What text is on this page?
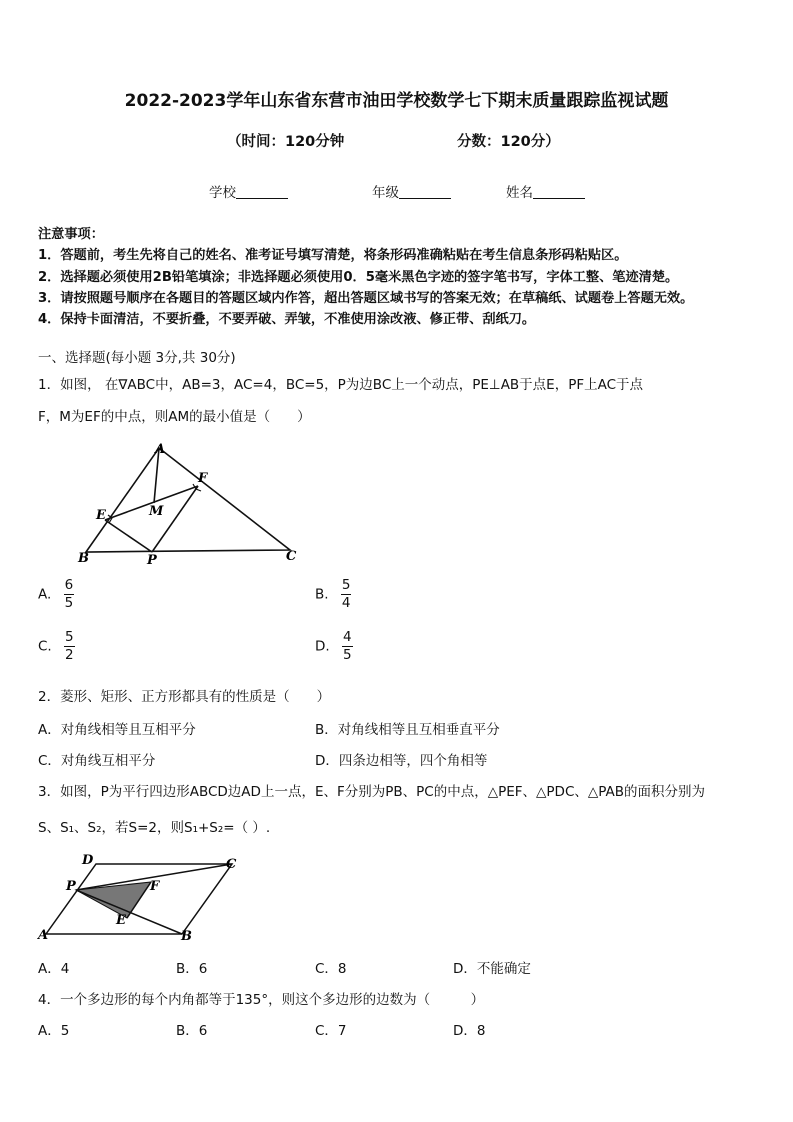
2022-2023学年山东省东营市油田学校数学七下期末质量跟踪监视试题
（时间：120分钟	分数：120分）
学校	年级	姓名
注意事项：
1．答题前，考生先将自己的姓名、准考证号填写清楚，将条形码准确粘贴在考生信息条形码粘贴区。
2．选择题必须使用2B铅笔填涂；非选择题必须使用0．5毫米黑色字迹的签字笔书写，字体工整、笔迹清楚。
3．请按照题号顺序在各题目的答题区域内作答，超出答题区域书写的答案无效；在草稿纸、试题卷上答题无效。
4．保持卡面清洁，不要折叠，不要弄破、弄皱，不准使用涂改液、修正带、刮纸刀。
一、选择题(每小题 3分,共 30分)
1．如图， 在∇ABC中，AB=3，AC=4，BC=5，P为边BC上一个动点，PE⊥AB于点E，PF上AC于点
F，M为EF的中点，则AM的最小值是（　　）
A
F
E	M
B	P	C
A. $\frac{6}{5}$	B. $\frac{5}{4}$
C. $\frac{5}{2}$	D. $\frac{4}{5}$
2．菱形、矩形、正方形都具有的性质是（　　）
A．对角线相等且互相平分	B．对角线相等且互相垂直平分
C．对角线互相平分	D．四条边相等，四个角相等
3．如图，P为平行四边形ABCD边AD上一点，E、F分别为PB、PC的中点，△PEF、△PDC、△PAB的面积分别为
S、S₁、S₂，若S=2，则S₁+S₂=（ ）.
D	C
P	F
E
A	B
A．4	B．6	C．8	D．不能确定
4．一个多边形的每个内角都等于135°，则这个多边形的边数为（　　　）
A．5	B．6	C．7	D．8
